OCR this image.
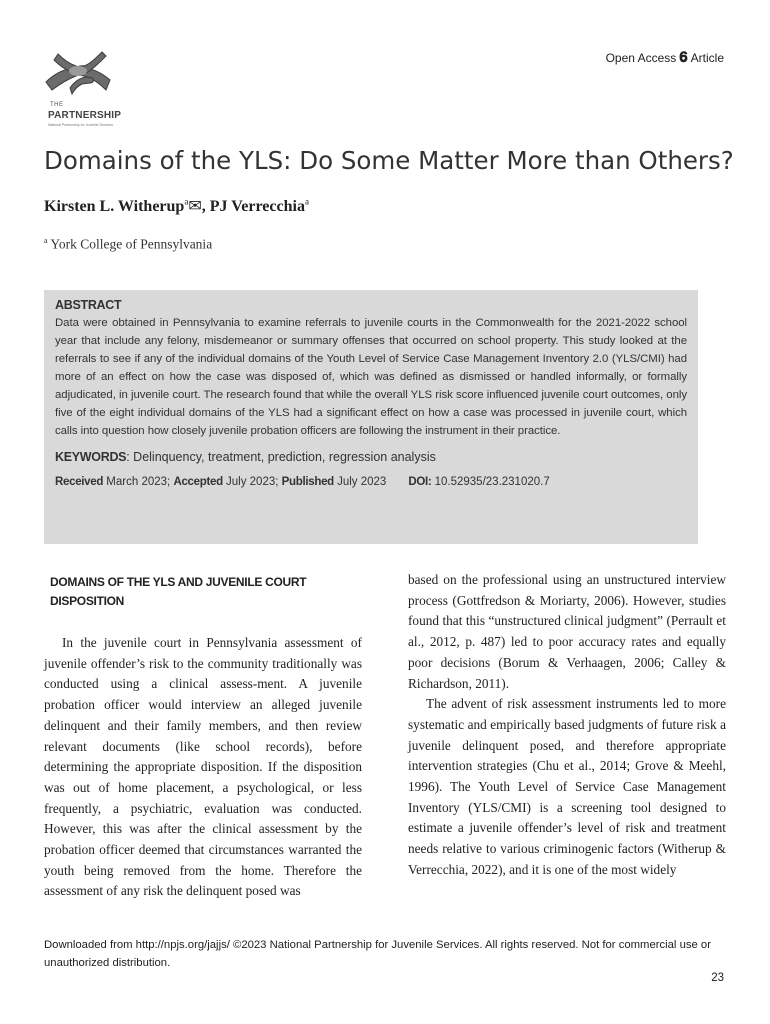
THE
PARTNERSHIP
National Partnership for Juvenile Services
Open Access 𝟔 Article
Domains of the YLS: Do Some Matter More than Others?
Kirsten L. Witherup$^a$✉, PJ Verrecchia$^a$
$^a$ York College of Pennsylvania
ABSTRACT
Data were obtained in Pennsylvania to examine referrals to juvenile courts in the Commonwealth for the 2021-2022 school year that include any felony, misdemeanor or summary offenses that occurred on school property. This study looked at the referrals to see if any of the individual domains of the Youth Level of Service Case Management Inventory 2.0 (YLS/CMI) had more of an effect on how the case was disposed of, which was defined as dismissed or handled informally, or formally adjudicated, in juvenile court. The research found that while the overall YLS risk score influenced juvenile court outcomes, only five of the eight individual domains of the YLS had a significant effect on how a case was processed in juvenile court, which calls into question how closely juvenile probation officers are following the instrument in their practice.
KEYWORDS: Delinquency, treatment, prediction, regression analysis
Received March 2023; Accepted July 2023; Published July 2023 DOI: 10.52935/23.231020.7
DOMAINS OF THE YLS AND JUVENILE COURT DISPOSITION

In the juvenile court in Pennsylvania assessment of juvenile offender’s risk to the community traditionally was conducted using a clinical assess-ment. A juvenile probation officer would interview an alleged juvenile delinquent and their family members, and then review relevant documents (like school records), before determining the appropriate disposition. If the disposition was out of home placement, a psychological, or less frequently, a psychiatric, evaluation was conducted. However, this was after the clinical assessment by the probation officer deemed that circumstances warranted the youth being removed from the home. Therefore the assessment of any risk the delinquent posed was

based on the professional using an unstructured interview process (Gottfredson & Moriarty, 2006). However, studies found that this “unstructured clinical judgment” (Perrault et al., 2012, p. 487) led to poor accuracy rates and equally poor decisions (Borum & Verhaagen, 2006; Calley & Richardson, 2011).

The advent of risk assessment instruments led to more systematic and empirically based judgments of future risk a juvenile delinquent posed, and therefore appropriate intervention strategies (Chu et al., 2014; Grove & Meehl, 1996). The Youth Level of Service Case Management Inventory (YLS/CMI) is a screening tool designed to estimate a juvenile offender’s level of risk and treatment needs relative to various criminogenic factors (Witherup & Verrecchia, 2022), and it is one of the most widely

Downloaded from http://npjs.org/jajjs/ ©2023 National Partnership for Juvenile Services. All rights reserved. Not for commercial use or unauthorized distribution.
23
